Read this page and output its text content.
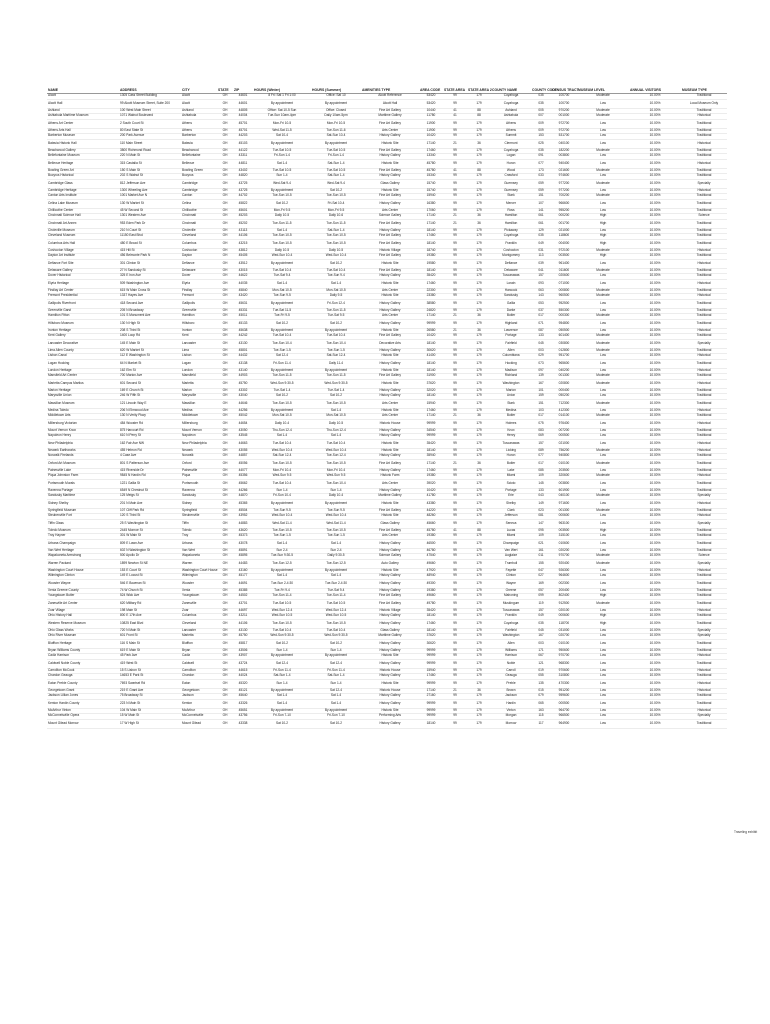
NAME	ADDRESS	CITY	STATE	ZIP	HOURS (Winter)	HOURS (Summer)	AMENITIES TYPE	AREA CODE	STATE AREA	STATE AREA 2	COUNTY NAME	COUNTY CODE	CENSUS TRACT	MUSEUM LEVEL	ANNUAL VISITORS	MUSEUM TYPE
Alcott	1305 Cass Street Building	Alcott	OH	44601	8 Fri: Sat 1 Fri 1:00	Office: Sat 10	Alcott Reference	53420	99	179	Cuyahoga	035	100700	Moderate	10.00%	Traditional
Alcott Hall	99 Alcott Museum Street, Suite 200	Alcott	OH	44601	By appointment	By appointment	Alcott Hall	53420	99	179	Cuyahoga	035	100700	Low	10.00%	Local Museum Only
Ashland	100 West Main Street	Ashland	OH	44805	Office: Sat 10-5 Sun	Office: Closed	Fine Art Gallery	10440	41	88	Ashland	005	970200	Moderate	10.00%	Traditional
Ashtabula Maritime Museum	1071 Walnut Boulevard	Ashtabula	OH	44004	Tue-Sun 10am-4pm	Daily 10am-5pm	Maritime Gallery	11780	41	88	Ashtabula	007	001000	Moderate	10.00%	Historical
Athens Art Center	2 South Court St	Athens	OH	45701	Mon-Fri 10-5	Mon-Fri 10-5	Fine Art Gallery	11900	99	179	Athens	009	972700	Low	10.00%	Traditional
Athens Arts Hall	80 East State St	Athens	OH	45701	Wed-Sat 11-5	Tue-Sun 11-6	Arts Center	11900	99	179	Athens	009	972700	Low	10.00%	Traditional
Barberton Museum	200 Park Avenue	Barberton	OH	44203	Sat 10-4	Sat-Sun 10-4	History Gallery	10420	99	179	Summit	153	531700	Low	10.00%	Traditional
Batavia Historic Hall	110 Main Street	Batavia	OH	45103	By appointment	By appointment	Historic Site	17140	21	36	Clermont	025	040100	Low	10.00%	Historical
Beachwood Gallery	3800 Richmond Road	Beachwood	OH	44122	Tue-Sat 10-5	Tue-Sat 10-5	Fine Art Gallery	17460	99	179	Cuyahoga	035	182200	Moderate	10.00%	Traditional
Bellefontaine Museum	220 N Main St	Bellefontaine	OH	43311	Fri-Sun 1-4	Fri-Sun 1-4	History Gallery	13340	99	179	Logan	091	003800	Low	10.00%	Traditional
Bellevue Heritage	315 Castalia St	Bellevue	OH	44811	Sat 1-4	Sat-Sun 1-4	Historic Site	45780	99	179	Huron	077	940400	Low	10.00%	Historical
Bowling Green Art	150 S Main St	Bowling Green	OH	43402	Tue-Sat 10-5	Tue-Sat 10-5	Fine Art Gallery	45780	41	88	Wood	173	021600	Moderate	10.00%	Traditional
Bucyrus Historical	202 S Walnut St	Bucyrus	OH	44820	Sun 1-4	Sat-Sun 1-4	History Gallery	15340	99	179	Crawford	033	974600	Low	10.00%	Traditional
Cambridge Glass	812 Jefferson Ave	Cambridge	OH	43725	Wed-Sat 9-4	Wed-Sat 9-4	Glass Gallery	15740	99	179	Guernsey	059	977200	Moderate	10.00%	Specialty
Cambridge Heritage	1300 Wheeling Ave	Cambridge	OH	43725	By appointment	Sat 10-2	Historic Site	15740	99	179	Guernsey	059	977200	Low	10.00%	Historical
Canton Arts Institute	1001 Market Ave N	Canton	OH	44702	Tue-Sun 10-5	Tue-Sun 10-5	Fine Art Gallery	15940	99	179	Stark	151	700200	Moderate	10.00%	Traditional
Celina Lake Museum	130 W Market St	Celina	OH	45822	Sat 10-2	Fri-Sat 10-4	History Gallery	16380	99	179	Mercer	107	966600	Low	10.00%	Traditional
Chillicothe Center	45 W Second St	Chillicothe	OH	45601	Mon-Fri 9-5	Mon-Fri 9-5	Arts Center	17060	99	179	Ross	141	955200	Low	10.00%	Traditional
Cincinnati Science Hall	1301 Western Ave	Cincinnati	OH	45203	Daily 10-5	Daily 10-6	Science Gallery	17140	21	36	Hamilton	061	000200	High	10.00%	Science
Cincinnati Art Annex	953 Eden Park Dr	Cincinnati	OH	45202	Tue-Sun 11-5	Tue-Sun 11-5	Fine Art Gallery	17140	21	36	Hamilton	061	001700	High	10.00%	Traditional
Circleville Museum	210 N Court St	Circleville	OH	43113	Sat 1-4	Sat-Sun 1-4	History Gallery	18140	99	179	Pickaway	129	021000	Low	10.00%	Traditional
Cleveland Museum	11150 East Blvd	Cleveland	OH	44106	Tue-Sun 10-5	Tue-Sun 10-5	Fine Art Gallery	17460	99	179	Cuyahoga	035	118600	High	10.00%	Traditional
Columbus Arts Hall	480 E Broad St	Columbus	OH	43215	Tue-Sun 10-5	Tue-Sun 10-5	Fine Art Gallery	18140	99	179	Franklin	049	004000	High	10.00%	Traditional
Coshocton Village	415 Hill St	Coshocton	OH	43812	Daily 10-5	Daily 10-5	Historic Village	18740	99	179	Coshocton	031	972100	Moderate	10.00%	Historical
Dayton Art Institute	456 Belmonte Park N	Dayton	OH	45405	Wed-Sun 10-4	Wed-Sun 10-4	Fine Art Gallery	19380	99	179	Montgomery	113	003500	High	10.00%	Traditional
Defiance Fort Site	301 Clinton St	Defiance	OH	43512	By appointment	Sat 10-2	Historic Site	19580	99	179	Defiance	039	961400	Low	10.00%	Historical
Delaware Gallery	27 N Sandusky St	Delaware	OH	43015	Tue-Sat 10-4	Tue-Sat 10-4	Fine Art Gallery	18140	99	179	Delaware	041	011600	Moderate	10.00%	Traditional
Dover Historical	325 E Iron Ave	Dover	OH	44622	Tue-Sat 9-4	Tue-Sun 9-4	History Gallery	35420	99	179	Tuscarawas	157	020600	Low	10.00%	Traditional
Elyria Heritage	509 Washington Ave	Elyria	OH	44035	Sat 1-4	Sat 1-4	Historic Site	17460	99	179	Lorain	093	071000	Low	10.00%	Historical
Findlay Art Center	615 W Main Cross St	Findlay	OH	45840	Mon-Sat 10-5	Mon-Sat 10-5	Arts Center	22300	99	179	Hancock	063	000800	Moderate	10.00%	Traditional
Fremont Presidential	1337 Hayes Ave	Fremont	OH	43420	Tue-Sun 9-5	Daily 9-5	Historic Site	23380	99	179	Sandusky	143	960500	Moderate	10.00%	Historical
Gallipolis Riverfront	418 Second Ave	Gallipolis	OH	45631	By appointment	Fri-Sun 12-4	History Gallery	38580	99	179	Gallia	053	952500	Low	10.00%	Traditional
Greenville Garst	205 N Broadway	Greenville	OH	45331	Tue-Sat 11-5	Tue-Sun 11-5	History Gallery	24820	99	179	Darke	037	550300	Low	10.00%	Traditional
Hamilton Fitton	101 S Monument Ave	Hamilton	OH	45011	Tue-Fri 9-5	Tue-Sat 9-5	Arts Center	17140	21	36	Butler	017	000300	Moderate	10.00%	Traditional
Hillsboro Museum	130 N High St	Hillsboro	OH	45133	Sat 10-2	Sat 10-2	History Gallery	99999	99	179	Highland	071	954800	Low	10.00%	Traditional
Ironton Heritage	208 S Third St	Ironton	OH	45638	By appointment	By appointment	Historic Site	26580	21	36	Lawrence	087	050500	Low	10.00%	Historical
Kent Gallery	1400 Loop Rd	Kent	OH	44242	Tue-Sat 10-4	Tue-Sat 10-4	Fine Art Gallery	10420	99	179	Portage	133	601400	Moderate	10.00%	Traditional
Lancaster Decorative	145 E Main St	Lancaster	OH	43130	Tue-Sun 10-4	Tue-Sun 10-4	Decorative Arts	18140	99	179	Fairfield	045	030800	Moderate	10.00%	Specialty
Lima Allen County	620 W Market St	Lima	OH	45801	Tue-Sun 1-5	Tue-Sun 1-5	History Gallery	30620	99	179	Allen	003	012800	Moderate	10.00%	Traditional
Lisbon Canal	112 E Washington St	Lisbon	OH	44432	Sat 12-4	Sat-Sun 12-4	Historic Site	41400	99	179	Columbiana	029	951700	Low	10.00%	Historical
Logan Hocking	64 N Market St	Logan	OH	43138	Fri-Sun 11-4	Daily 11-4	History Gallery	18140	99	179	Hocking	073	965600	Low	10.00%	Traditional
London Heritage	162 Elm St	London	OH	43140	By appointment	By appointment	Historic Site	18140	99	179	Madison	097	040200	Low	10.00%	Historical
Mansfield Art Center	700 Marion Ave	Mansfield	OH	44903	Tue-Sun 11-5	Tue-Sun 11-5	Fine Art Gallery	31900	99	179	Richland	139	001300	Moderate	10.00%	Traditional
Marietta Campus Martius	601 Second St	Marietta	OH	45750	Wed-Sun 9:30-5	Wed-Sun 9:30-5	Historic Site	37620	99	179	Washington	167	020800	Moderate	10.00%	Historical
Marion Heritage	169 E Church St	Marion	OH	43302	Tue-Sat 1-4	Tue-Sat 1-4	History Gallery	32020	99	179	Marion	101	000400	Low	10.00%	Traditional
Marysville Union	246 W Fifth St	Marysville	OH	43040	Sat 10-2	Sat 10-2	History Gallery	18140	99	179	Union	159	050200	Low	10.00%	Traditional
Massillon Museum	121 Lincoln Way E	Massillon	OH	44646	Tue-Sun 10-5	Tue-Sun 10-5	Arts Center	15940	99	179	Stark	151	712300	Moderate	10.00%	Traditional
Medina Toledo	206 N Elmwood Ave	Medina	OH	44256	By appointment	Sat 1-4	Historic Site	17460	99	179	Medina	103	412300	Low	10.00%	Historical
Middletown Arts	130 N Verity Pkwy	Middletown	OH	45042	Mon-Sat 10-5	Mon-Sat 10-5	Arts Center	17140	21	36	Butler	017	014100	Moderate	10.00%	Traditional
Millersburg Victorian	484 Wooster Rd	Millersburg	OH	44654	Daily 10-4	Daily 10-5	Historic House	99999	99	179	Holmes	075	976400	Low	10.00%	Historical
Mount Vernon Knox	875 Harcourt Rd	Mount Vernon	OH	43050	Thu-Sun 12-4	Thu-Sun 12-4	History Gallery	34540	99	179	Knox	083	007200	Low	10.00%	Traditional
Napoleon Henry	610 N Perry St	Napoleon	OH	43545	Sat 1-4	Sat 1-4	History Gallery	99999	99	179	Henry	069	000500	Low	10.00%	Traditional
New Philadelphia	162 Fair Ave NW	New Philadelphia	OH	44663	Tue-Sat 10-4	Tue-Sat 10-4	Historic Site	35420	99	179	Tuscarawas	157	021000	Low	10.00%	Historical
Newark Earthworks	455 Hebron Rd	Newark	OH	43055	Wed-Sun 10-4	Wed-Sun 10-4	Historic Site	18140	99	179	Licking	089	756200	Moderate	10.00%	Historical
Norwalk Firelands	4 Case Ave	Norwalk	OH	44857	Sat-Sun 12-4	Tue-Sun 12-4	History Gallery	35940	99	179	Huron	077	940800	Low	10.00%	Traditional
Oxford Art Museum	801 S Patterson Ave	Oxford	OH	45056	Tue-Sun 10-5	Tue-Sun 10-5	Fine Art Gallery	17140	21	36	Butler	017	010100	Moderate	10.00%	Traditional
Painesville Lake	415 Riverside Dr	Painesville	OH	44077	Mon-Fri 10-4	Mon-Fri 10-4	History Gallery	17460	99	179	Lake	085	203500	Low	10.00%	Traditional
Piqua Johnston Farm	9845 N Hardin Rd	Piqua	OH	45356	Wed-Sun 9-5	Wed-Sun 9-5	Historic Farm	19380	99	179	Miami	109	320600	Moderate	10.00%	Historical
Portsmouth Murals	1221 Gallia St	Portsmouth	OH	45662	Tue-Sat 10-4	Tue-Sun 10-4	Arts Center	39020	99	179	Scioto	145	003800	Low	10.00%	Traditional
Ravenna Portage	6549 N Chestnut St	Ravenna	OH	44266	Sun 1-4	Sun 1-4	History Gallery	10420	99	179	Portage	133	601900	Low	10.00%	Traditional
Sandusky Maritime	125 Meigs St	Sandusky	OH	44870	Fri-Sun 10-4	Daily 10-4	Maritime Gallery	41780	99	179	Erie	043	040100	Moderate	10.00%	Specialty
Sidney Shelby	201 N Main Ave	Sidney	OH	45365	By appointment	By appointment	Historic Site	43380	99	179	Shelby	149	971600	Low	10.00%	Historical
Springfield Museum	107 Cliff Park Rd	Springfield	OH	45504	Tue-Sun 9-5	Tue-Sun 9-5	Fine Art Gallery	44220	99	179	Clark	023	001300	Moderate	10.00%	Traditional
Steubenville Fort	120 S Third St	Steubenville	OH	43952	Wed-Sun 10-4	Wed-Sun 10-4	Historic Site	48260	99	179	Jefferson	081	000600	Low	10.00%	Historical
Tiffin Glass	25 S Washington St	Tiffin	OH	44883	Wed-Sat 11-4	Wed-Sat 11-4	Glass Gallery	45660	99	179	Seneca	147	963100	Low	10.00%	Specialty
Toledo Museum	2445 Monroe St	Toledo	OH	43620	Tue-Sun 10-5	Tue-Sun 10-5	Fine Art Gallery	45780	41	88	Lucas	095	003500	High	10.00%	Traditional
Troy Hayner	301 W Main St	Troy	OH	45373	Tue-Sun 1-5	Tue-Sun 1-5	Arts Center	19380	99	179	Miami	109	315100	Low	10.00%	Traditional
Urbana Champaign	809 E Lawn Ave	Urbana	OH	43078	Sat 1-4	Sat 1-4	History Gallery	46500	99	179	Champaign	021	010600	Low	10.00%	Traditional
Van Wert Heritage	602 N Washington St	Van Wert	OH	45891	Sun 2-4	Sun 2-4	History Gallery	46780	99	179	Van Wert	161	020200	Low	10.00%	Traditional
Wapakoneta Armstrong	500 Apollo Dr	Wapakoneta	OH	45895	Tue-Sun 9:30-5	Daily 9:30-5	Science Gallery	47540	99	179	Auglaize	011	970700	Moderate	10.00%	Science
Warren Packard	1899 Newton St NE	Warren	OH	44483	Tue-Sun 12-5	Tue-Sun 12-5	Auto Gallery	49660	99	179	Trumbull	155	920400	Moderate	10.00%	Specialty
Washington Court House	153 E Court St	Washington Court House	OH	43160	By appointment	By appointment	Historic Site	47920	99	179	Fayette	047	926300	Low	10.00%	Historical
Wilmington Clinton	149 E Locust St	Wilmington	OH	45177	Sat 1-4	Sat 1-4	History Gallery	48940	99	179	Clinton	027	964600	Low	10.00%	Traditional
Wooster Wayne	546 E Bowman St	Wooster	OH	44691	Tue-Sun 2-4:30	Tue-Sun 2-4:30	History Gallery	49300	99	179	Wayne	169	002300	Low	10.00%	Traditional
Xenia Greene County	74 W Church St	Xenia	OH	45385	Tue-Fri 9-4	Tue-Sat 9-4	History Gallery	19380	99	179	Greene	057	200400	Low	10.00%	Traditional
Youngstown Butler	524 Wick Ave	Youngstown	OH	44502	Tue-Sun 11-4	Tue-Sun 11-4	Fine Art Gallery	49660	99	179	Mahoning	099	802400	High	10.00%	Traditional
Zanesville Art Center	620 Military Rd	Zanesville	OH	43701	Tue-Sat 10-5	Tue-Sat 10-5	Fine Art Gallery	49780	99	179	Muskingum	119	912500	Moderate	10.00%	Traditional
Zoar Village	198 Main St	Zoar	OH	44697	Wed-Sun 12-4	Wed-Sun 12-4	Historic Village	35420	99	179	Tuscarawas	157	020100	Low	10.00%	Historical
Ohio History Hall	800 E 17th Ave	Columbus	OH	43211	Wed-Sun 10-5	Wed-Sun 10-5	History Gallery	18140	99	179	Franklin	049	000600	High	10.00%	Traditional
Western Reserve Museum	10825 East Blvd	Cleveland	OH	44106	Tue-Sun 10-5	Tue-Sun 10-5	History Gallery	17460	99	179	Cuyahoga	035	118700	High	10.00%	Traditional
Ohio Glass Works	720 N Main St	Lancaster	OH	43130	Tue-Sat 10-4	Tue-Sat 10-4	Glass Gallery	18140	99	179	Fairfield	045	031000	Low	10.00%	Specialty
Ohio River Museum	601 Front St	Marietta	OH	45750	Wed-Sun 9:30-5	Wed-Sun 9:30-5	Maritime Gallery	37620	99	179	Washington	167	020700	Low	10.00%	Specialty
Bluffton Heritage	116 S Main St	Bluffton	OH	45817	Sat 10-2	Sat 10-2	History Gallery	30620	99	179	Allen	003	010100	Low	10.00%	Traditional
Bryan Williams County	619 E Main St	Bryan	OH	43506	Sun 1-4	Sun 1-4	History Gallery	99999	99	179	Williams	171	950600	Low	10.00%	Traditional
Cadiz Harrison	45 Park Ave	Cadiz	OH	43907	By appointment	By appointment	Historic Site	99999	99	179	Harrison	067	970700	Low	10.00%	Historical
Caldwell Noble County	419 West St	Caldwell	OH	43724	Sat 12-4	Sat 12-4	History Gallery	99999	99	179	Noble	121	968300	Low	10.00%	Traditional
Carrollton McCook	15 S Lisbon St	Carrollton	OH	44615	Fri-Sun 11-4	Fri-Sun 11-4	Historic House	15940	99	179	Carroll	019	970600	Low	10.00%	Historical
Chardon Geauga	14653 E Park St	Chardon	OH	44024	Sat-Sun 1-4	Sat-Sun 1-4	History Gallery	17460	99	179	Geauga	055	310800	Low	10.00%	Traditional
Eaton Preble County	7693 Swartsel Rd	Eaton	OH	45320	Sun 1-4	Sun 1-4	Historic Site	99999	99	179	Preble	135	470300	Low	10.00%	Historical
Georgetown Grant	219 E Grant Ave	Georgetown	OH	45121	By appointment	Sat 12-4	Historic House	17140	21	36	Brown	015	951200	Low	10.00%	Historical
Jackson Lillian Jones	75 Broadway St	Jackson	OH	45640	Sat 1-4	Sat 1-4	History Gallery	27160	99	179	Jackson	079	959600	Low	10.00%	Traditional
Kenton Hardin County	223 N Main St	Kenton	OH	43326	Sat 1-4	Sat 1-4	History Gallery	99999	99	179	Hardin	065	000500	Low	10.00%	Traditional
McArthur Vinton	104 W Main St	McArthur	OH	45651	By appointment	By appointment	Historic Site	99999	99	179	Vinton	163	964700	Low	10.00%	Historical
McConnelsville Opera	15 W Main St	McConnelsville	OH	43756	Fri-Sun 7-10	Fri-Sun 7-10	Performing Arts	99999	99	179	Morgan	115	966500	Low	10.00%	Specialty
Mount Gilead Morrow	17 W High St	Mount Gilead	OH	43338	Sat 10-2	Sat 10-2	History Gallery	18140	99	179	Morrow	117	964900	Low	10.00%	Traditional
Traveling exhibit
